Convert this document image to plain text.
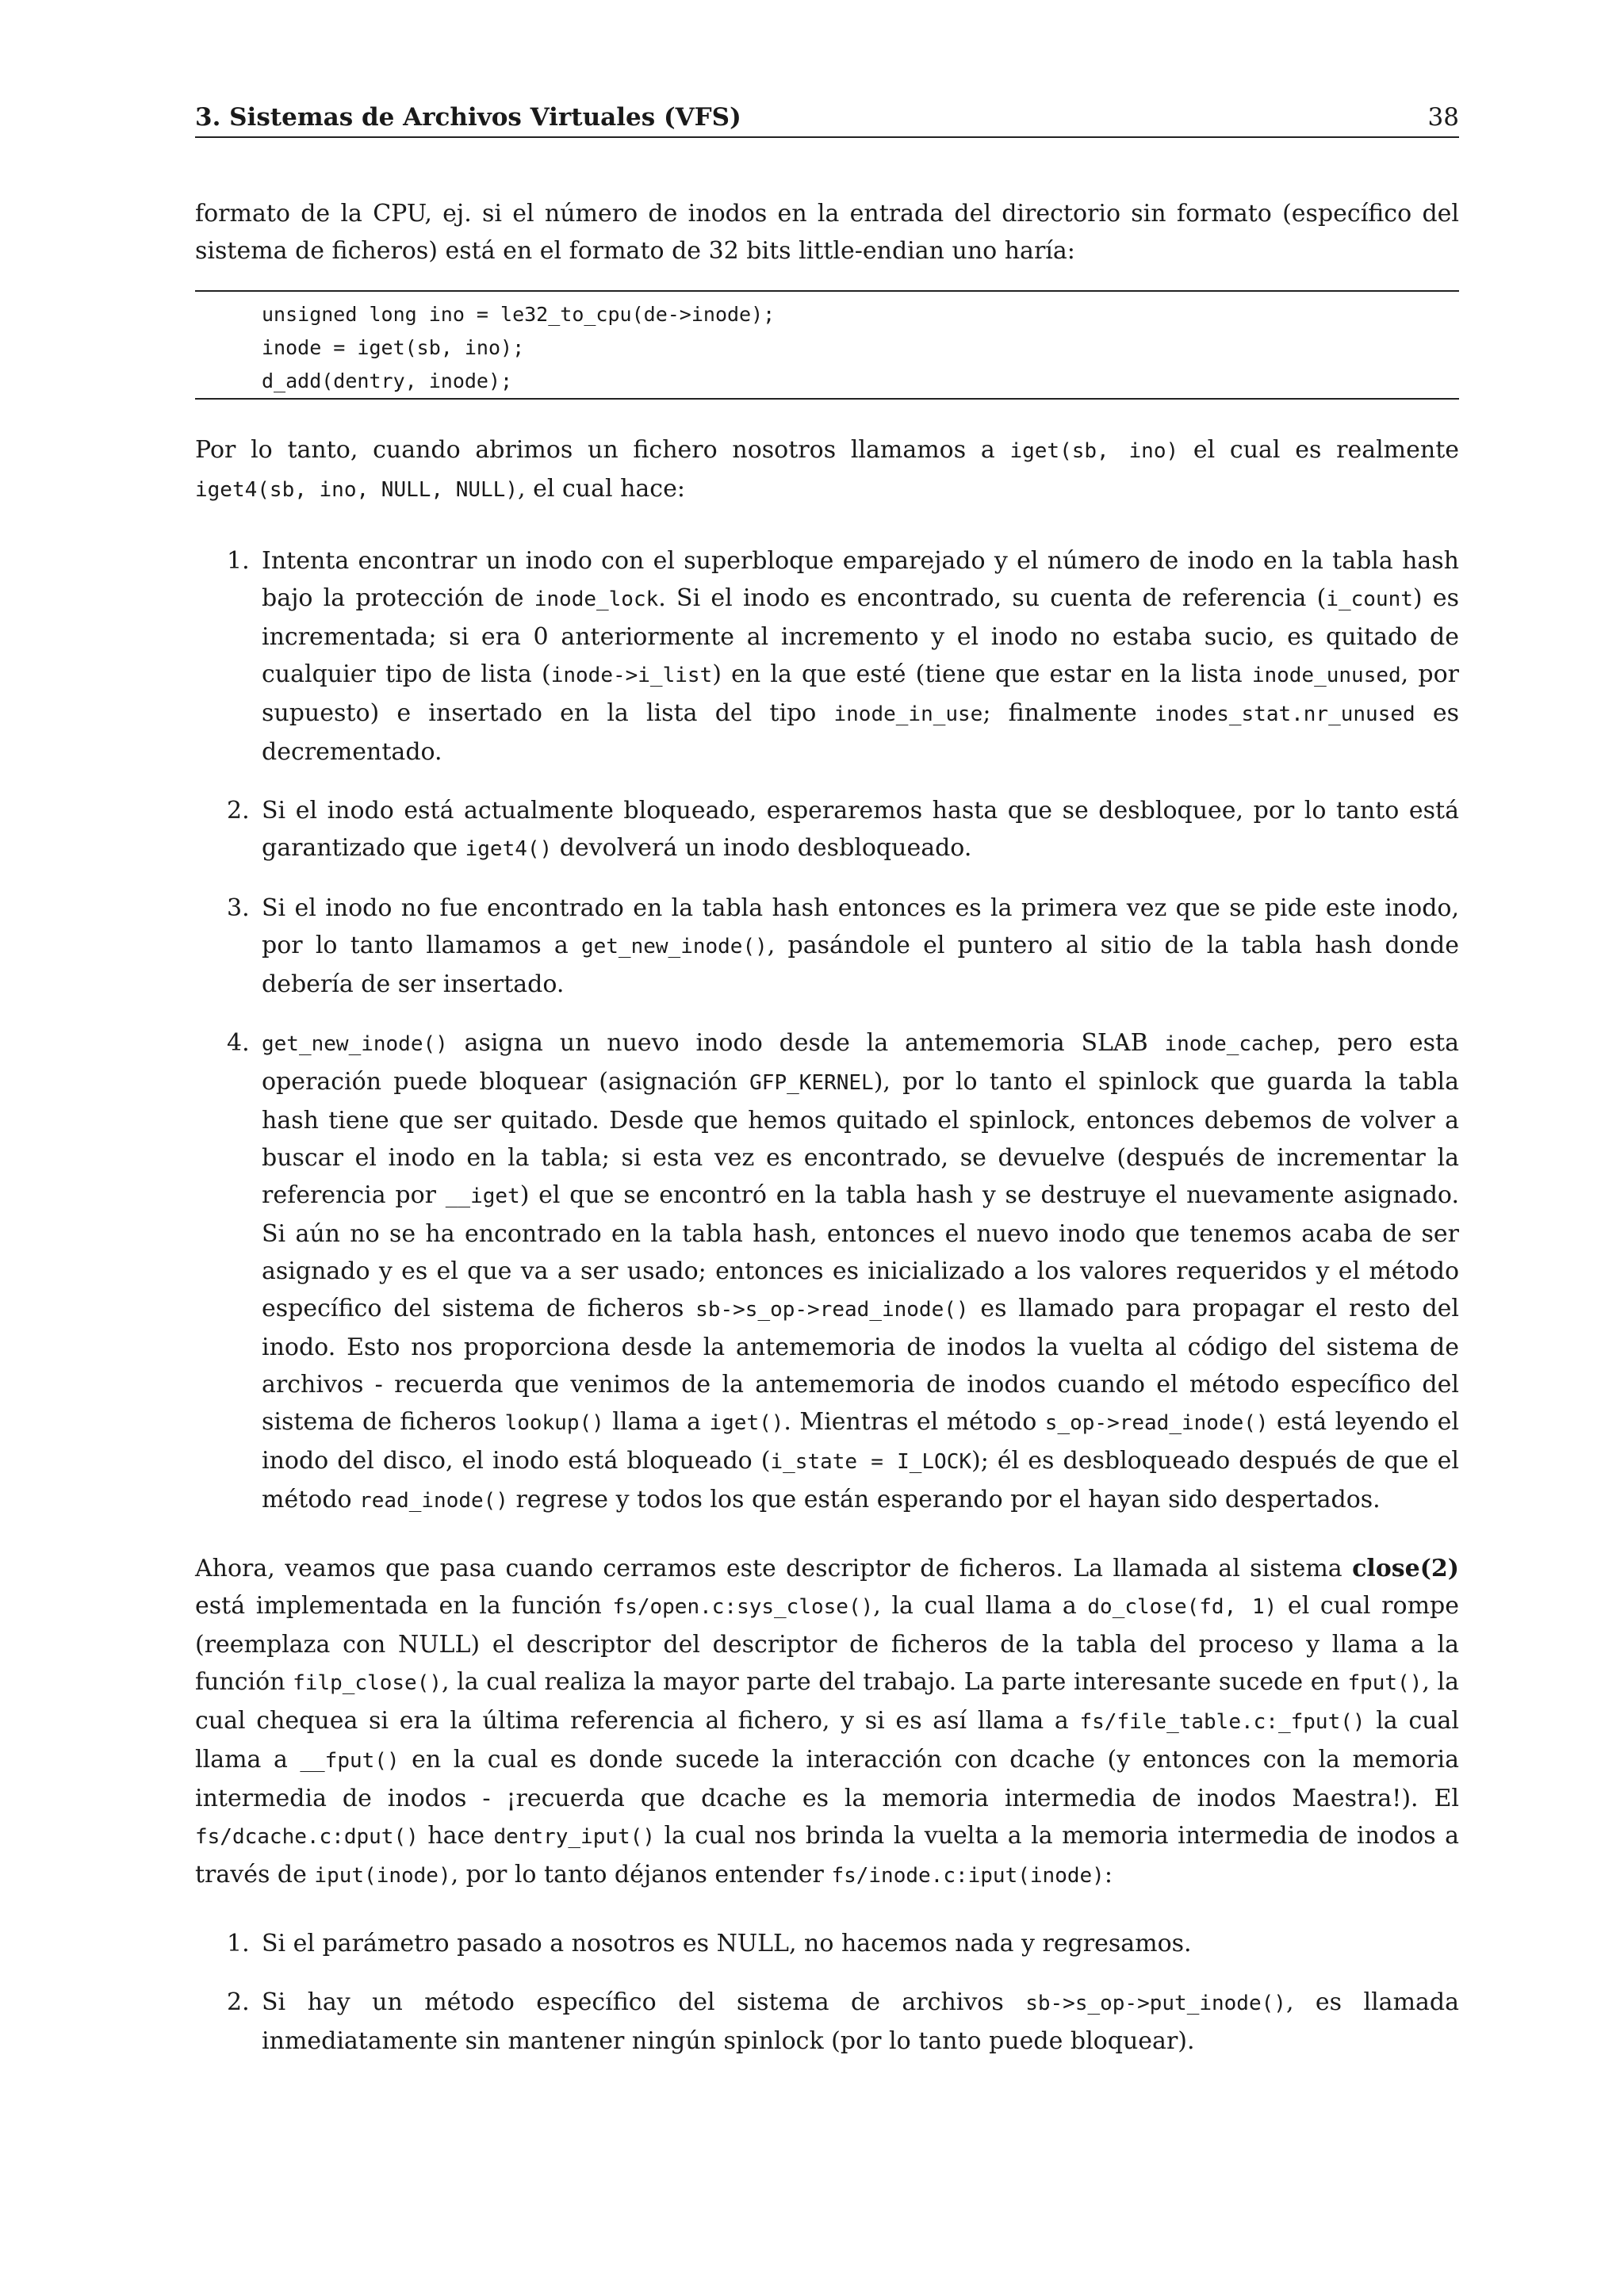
3. Sistemas de Archivos Virtuales (VFS)	38

formato de la CPU, ej. si el número de inodos en la entrada del directorio sin formato (específico del sistema de ficheros) está en el formato de 32 bits little-endian uno haría:

unsigned long ino = le32_to_cpu(de->inode);
inode = iget(sb, ino);
d_add(dentry, inode);

Por lo tanto, cuando abrimos un fichero nosotros llamamos a iget(sb, ino) el cual es realmente iget4(sb, ino, NULL, NULL), el cual hace:

1. Intenta encontrar un inodo con el superbloque emparejado y el número de inodo en la tabla hash bajo la protección de inode_lock. Si el inodo es encontrado, su cuenta de referencia (i_count) es incrementada; si era 0 anteriormente al incremento y el inodo no estaba sucio, es quitado de cualquier tipo de lista (inode->i_list) en la que esté (tiene que estar en la lista inode_unused, por supuesto) e insertado en la lista del tipo inode_in_use; finalmente inodes_stat.nr_unused es decrementado.
2. Si el inodo está actualmente bloqueado, esperaremos hasta que se desbloquee, por lo tanto está garantizado que iget4() devolverá un inodo desbloqueado.
3. Si el inodo no fue encontrado en la tabla hash entonces es la primera vez que se pide este inodo, por lo tanto llamamos a get_new_inode(), pasándole el puntero al sitio de la tabla hash donde debería de ser insertado.
4. get_new_inode() asigna un nuevo inodo desde la antememoria SLAB inode_cachep, pero esta operación puede bloquear (asignación GFP_KERNEL), por lo tanto el spinlock que guarda la tabla hash tiene que ser quitado. Desde que hemos quitado el spinlock, entonces debemos de volver a buscar el inodo en la tabla; si esta vez es encontrado, se devuelve (después de incrementar la referencia por __iget) el que se encontró en la tabla hash y se destruye el nuevamente asignado. Si aún no se ha encontrado en la tabla hash, entonces el nuevo inodo que tenemos acaba de ser asignado y es el que va a ser usado; entonces es inicializado a los valores requeridos y el método específico del sistema de ficheros sb->s_op->read_inode() es llamado para propagar el resto del inodo. Esto nos proporciona desde la antememoria de inodos la vuelta al código del sistema de archivos - recuerda que venimos de la antememoria de inodos cuando el método específico del sistema de ficheros lookup() llama a iget(). Mientras el método s_op->read_inode() está leyendo el inodo del disco, el inodo está bloqueado (i_state = I_LOCK); él es desbloqueado después de que el método read_inode() regrese y todos los que están esperando por el hayan sido despertados.

Ahora, veamos que pasa cuando cerramos este descriptor de ficheros. La llamada al sistema close(2) está implementada en la función fs/open.c:sys_close(), la cual llama a do_close(fd, 1) el cual rompe (reemplaza con NULL) el descriptor del descriptor de ficheros de la tabla del proceso y llama a la función filp_close(), la cual realiza la mayor parte del trabajo. La parte interesante sucede en fput(), la cual chequea si era la última referencia al fichero, y si es así llama a fs/file_table.c:_fput() la cual llama a __fput() en la cual es donde sucede la interacción con dcache (y entonces con la memoria intermedia de inodos - ¡recuerda que dcache es la memoria intermedia de inodos Maestra!). El fs/dcache.c:dput() hace dentry_iput() la cual nos brinda la vuelta a la memoria intermedia de inodos a través de iput(inode), por lo tanto déjanos entender fs/inode.c:iput(inode):

1. Si el parámetro pasado a nosotros es NULL, no hacemos nada y regresamos.
2. Si hay un método específico del sistema de archivos sb->s_op->put_inode(), es llamada inmediatamente sin mantener ningún spinlock (por lo tanto puede bloquear).
